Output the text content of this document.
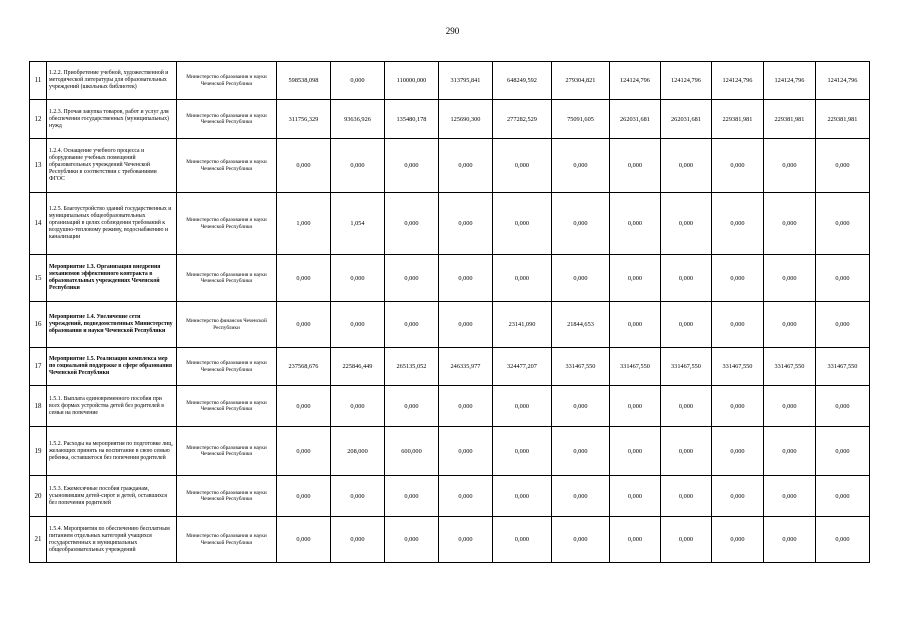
290
11	1.2.2. Приобретение учебной, художественной и методической литературы для образовательных учреждений (школьных библиотек)	Министерство образования и науки Чеченской Республики	598538,098	0,000	110000,000	313795,841	648249,592	279304,821	124124,796	124124,796	124124,796	124124,796	124124,796
12	1.2.3. Прочая закупка товаров, работ и услуг для обеспечения государственных (муниципальных) нужд	Министерство образования и науки Чеченской Республики	311756,329	93636,926	135480,178	125690,300	277282,529	75091,605	262031,681	262031,681	229381,981	229381,981	229381,981
13	1.2.4. Оснащение учебного процесса и оборудование учебных помещений образовательных учреждений Чеченской Республики в соответствии с требованиями ФГОС	Министерство образования и науки Чеченской Республики	0,000	0,000	0,000	0,000	0,000	0,000	0,000	0,000	0,000	0,000	0,000
14	1.2.5. Благоустройство зданий государственных и муниципальных общеобразовательных организаций в целях соблюдения требований к воздушно-тепловому режиму, водоснабжению и канализации	Министерство образования и науки Чеченской Республики	1,000	1,054	0,000	0,000	0,000	0,000	0,000	0,000	0,000	0,000	0,000
15	Мероприятие 1.3. Организация внедрения механизмов эффективного контракта в образовательных учреждениях Чеченской Республики	Министерство образования и науки Чеченской Республики	0,000	0,000	0,000	0,000	0,000	0,000	0,000	0,000	0,000	0,000	0,000
16	Мероприятие 1.4. Увеличение сети учреждений, подведомственных Министерству образования и науки Чеченской Республики	Министерство финансов Чеченской Республики	0,000	0,000	0,000	0,000	23141,090	21844,653	0,000	0,000	0,000	0,000	0,000
17	Мероприятие 1.5. Реализация комплекса мер по социальной поддержке в сфере образования Чеченской Республики	Министерство образования и науки Чеченской Республики	237568,676	225846,449	265135,052	246335,977	324477,207	331467,550	331467,550	331467,550	331467,550	331467,550	331467,550
18	1.5.1. Выплата единовременного пособия при всех формах устройства детей без родителей в семьи на попечение	Министерство образования и науки Чеченской Республики	0,000	0,000	0,000	0,000	0,000	0,000	0,000	0,000	0,000	0,000	0,000
19	1.5.2. Расходы на мероприятия по подготовке лиц, желающих принять на воспитание в свою семью ребенка, оставшегося без попечения родителей	Министерство образования и науки Чеченской Республики	0,000	208,000	600,000	0,000	0,000	0,000	0,000	0,000	0,000	0,000	0,000
20	1.5.3. Ежемесячные пособия гражданам, усыновившим детей-сирот и детей, оставшихся без попечения родителей	Министерство образования и науки Чеченской Республики	0,000	0,000	0,000	0,000	0,000	0,000	0,000	0,000	0,000	0,000	0,000
21	1.5.4. Мероприятия по обеспечению бесплатным питанием отдельных категорий учащихся государственных и муниципальных общеобразовательных учреждений	Министерство образования и науки Чеченской Республики	0,000	0,000	0,000	0,000	0,000	0,000	0,000	0,000	0,000	0,000	0,000
